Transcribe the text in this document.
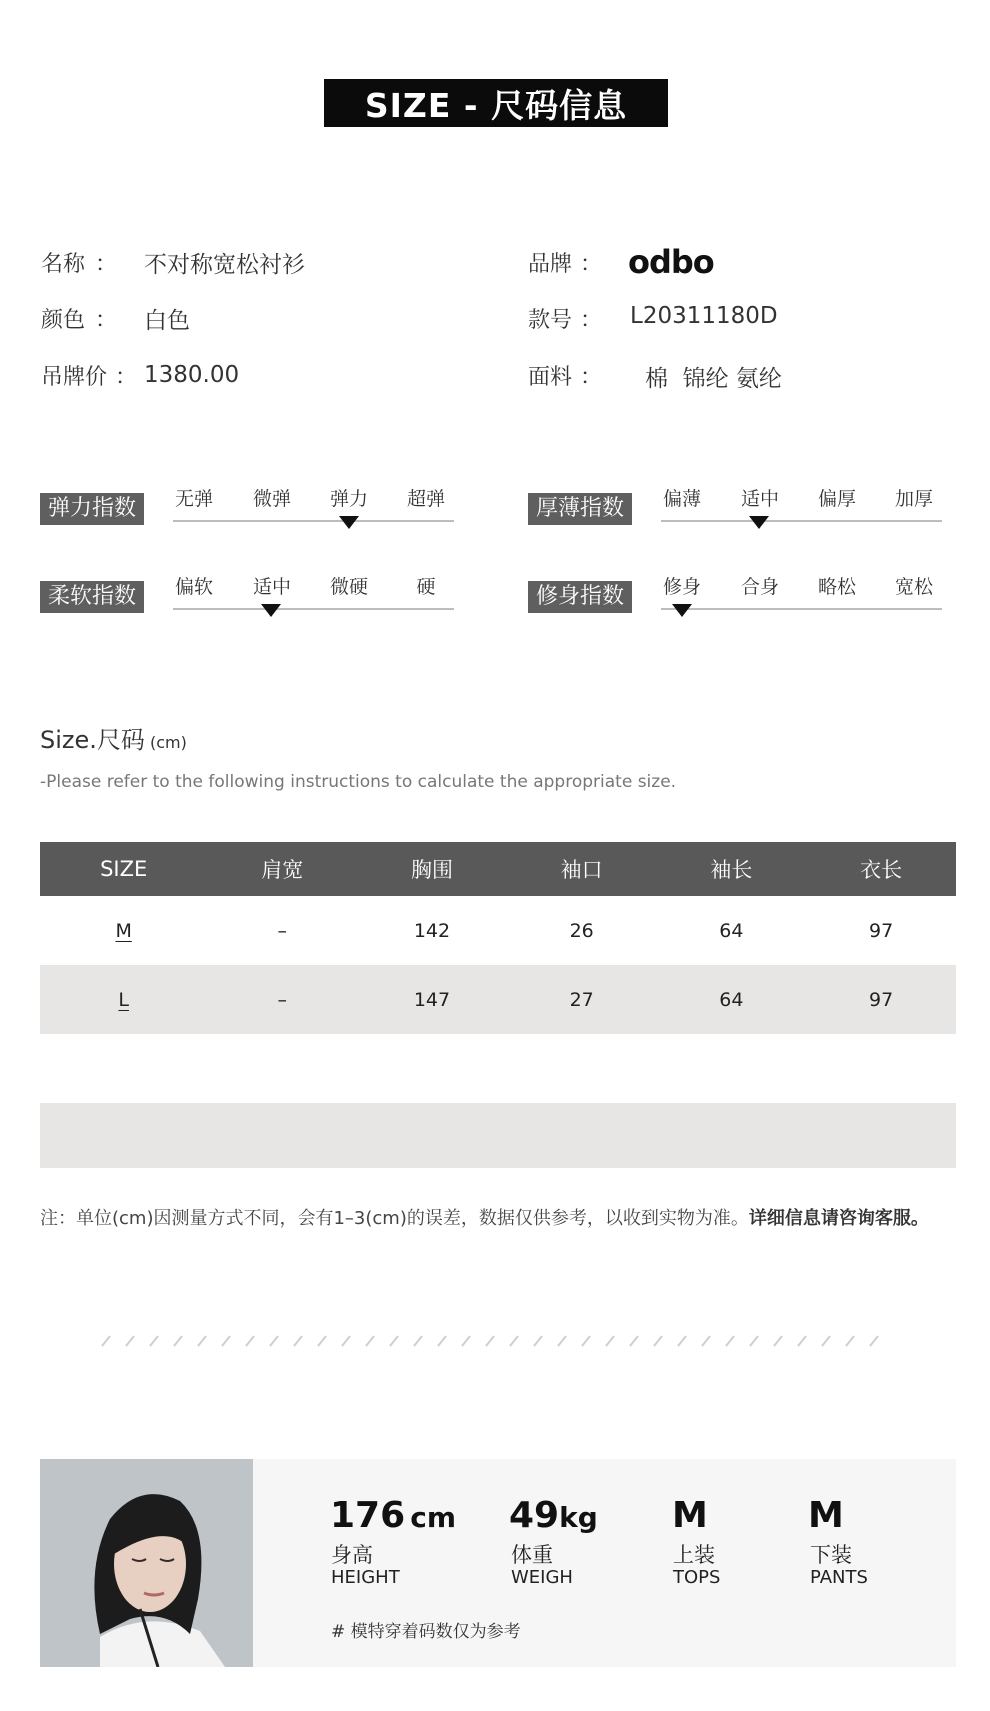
SIZE - 尺码信息
名称 ： 不对称宽松衬衫
颜色 ： 白色
吊牌价 ： 1380.00
品牌 ： odbo
款号 ： L20311180D
面料 ： 棉  锦纶 氨纶
弹力指数	无弹	微弹	弹力	超弹	厚薄指数	偏薄	适中	偏厚	加厚
柔软指数	偏软	适中	微硬	硬	修身指数	修身	合身	略松	宽松
Size.尺码 (cm)
-Please refer to the following instructions to calculate the appropriate size.
SIZE	肩宽	胸围	袖口	袖长	衣长
M	–	142	26	64	97
L	–	147	27	64	97
注：单位(cm)因测量方式不同，会有1–3(cm)的误差，数据仅供参考，以收到实物为准。详细信息请咨询客服。
176 cm
身高
HEIGHT
49kg
体重
WEIGH
M
上装
TOPS
M
下装
PANTS
# 模特穿着码数仅为参考
